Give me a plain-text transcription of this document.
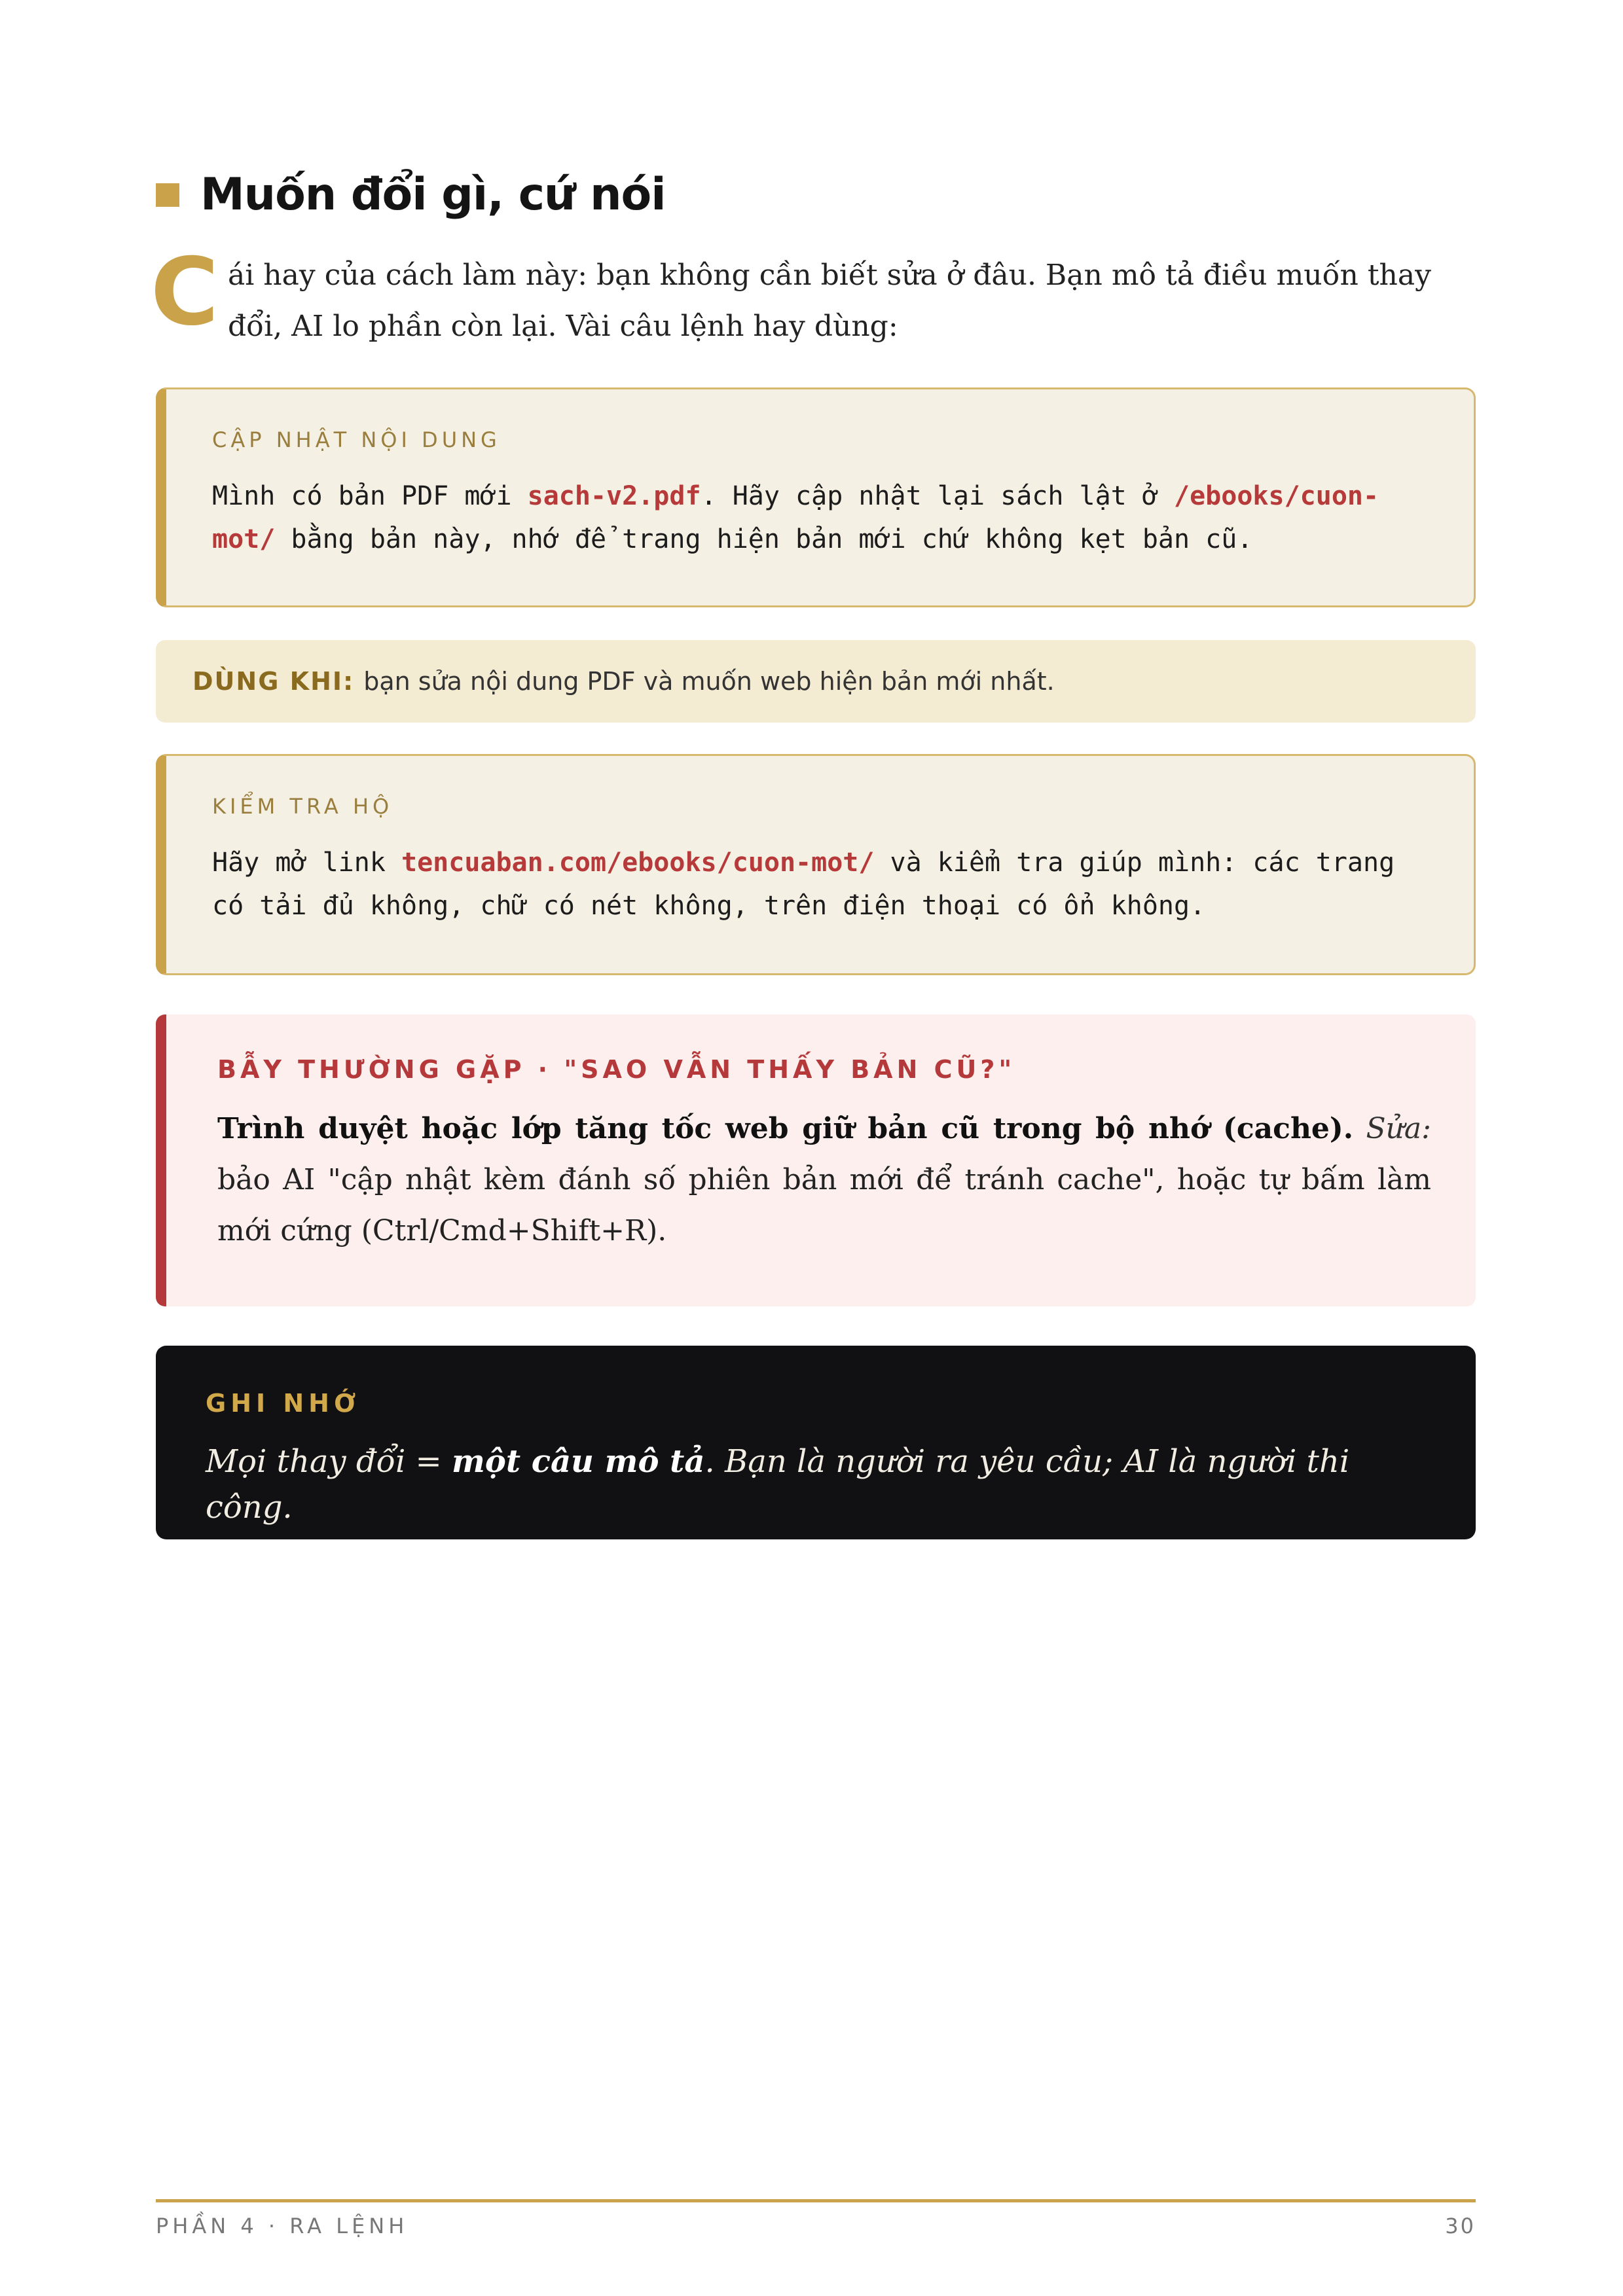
Muốn đổi gì, cứ nói
C ái hay của cách làm này: bạn không cần biết sửa ở đâu. Bạn mô tả điều muốn thay đổi, AI lo phần còn lại. Vài câu lệnh hay dùng:
CẬP NHẬT NỘI DUNG
Mình có bản PDF mới sach-v2.pdf. Hãy cập nhật lại sách lật ở /ebooks/cuon-mot/ bằng bản này, nhớ để trang hiện bản mới chứ không kẹt bản cũ.
DÙNG KHI: bạn sửa nội dung PDF và muốn web hiện bản mới nhất.
KIỂM TRA HỘ
Hãy mở link tencuaban.com/ebooks/cuon-mot/ và kiểm tra giúp mình: các trang có tải đủ không, chữ có nét không, trên điện thoại có ổn không.
BẪY THƯỜNG GẶP · "SAO VẪN THẤY BẢN CŨ?"
Trình duyệt hoặc lớp tăng tốc web giữ bản cũ trong bộ nhớ (cache). Sửa: bảo AI "cập nhật kèm đánh số phiên bản mới để tránh cache", hoặc tự bấm làm mới cứng (Ctrl/Cmd+Shift+R).
GHI NHỚ
Mọi thay đổi = một câu mô tả. Bạn là người ra yêu cầu; AI là người thi công.
PHẦN 4 · RA LỆNH	30
